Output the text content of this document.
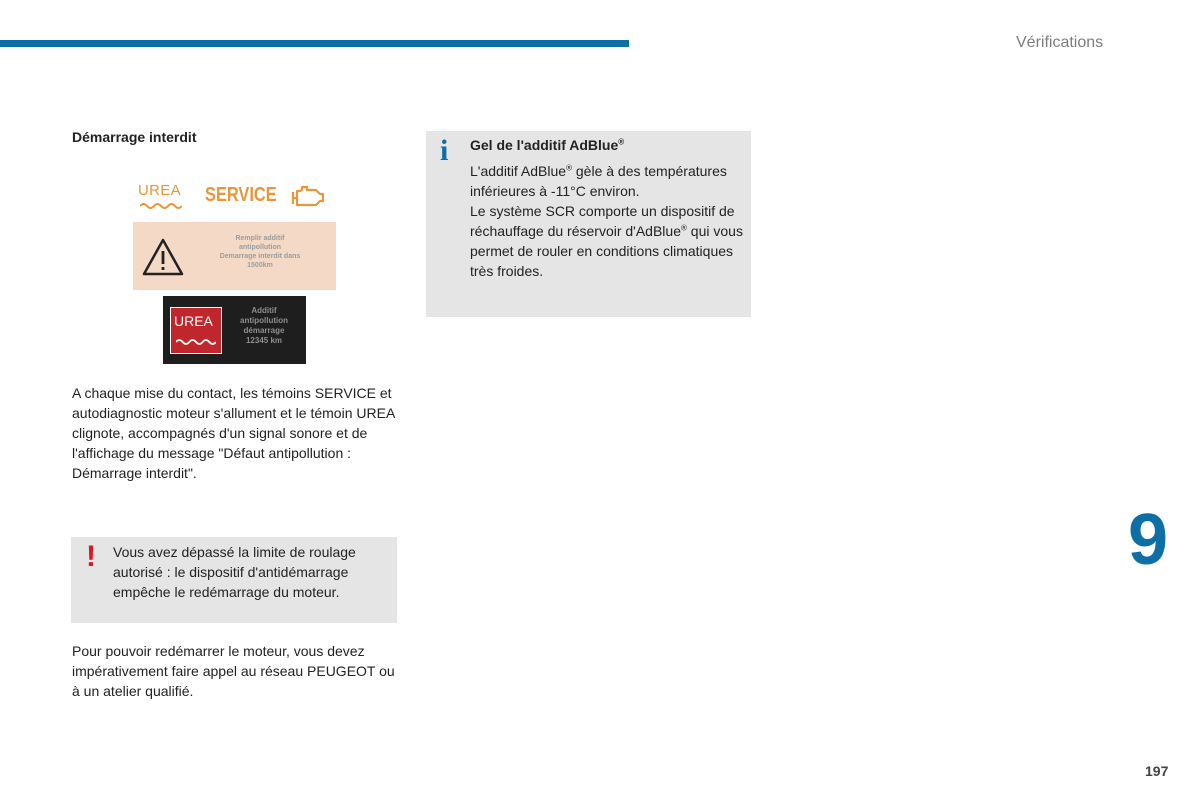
Vérifications
9
197
Démarrage interdit
UREA SERVICE
Remplir additif
antipollution
Demarrage interdit dans
1500km
UREA
Additif
antipollution
démarrage
12345 km
A chaque mise du contact, les témoins SERVICE et autodiagnostic moteur s'allument et le témoin UREA clignote, accompagnés d'un signal sonore et de l'affichage du message "Défaut antipollution : Démarrage interdit".
! Vous avez dépassé la limite de roulage autorisé : le dispositif d'antidémarrage empêche le redémarrage du moteur.
Pour pouvoir redémarrer le moteur, vous devez impérativement faire appel au réseau PEUGEOT ou à un atelier qualifié.
i Gel de l'additif AdBlue®
L'additif AdBlue® gèle à des températures inférieures à -11°C environ.
Le système SCR comporte un dispositif de réchauffage du réservoir d'AdBlue® qui vous permet de rouler en conditions climatiques très froides.
